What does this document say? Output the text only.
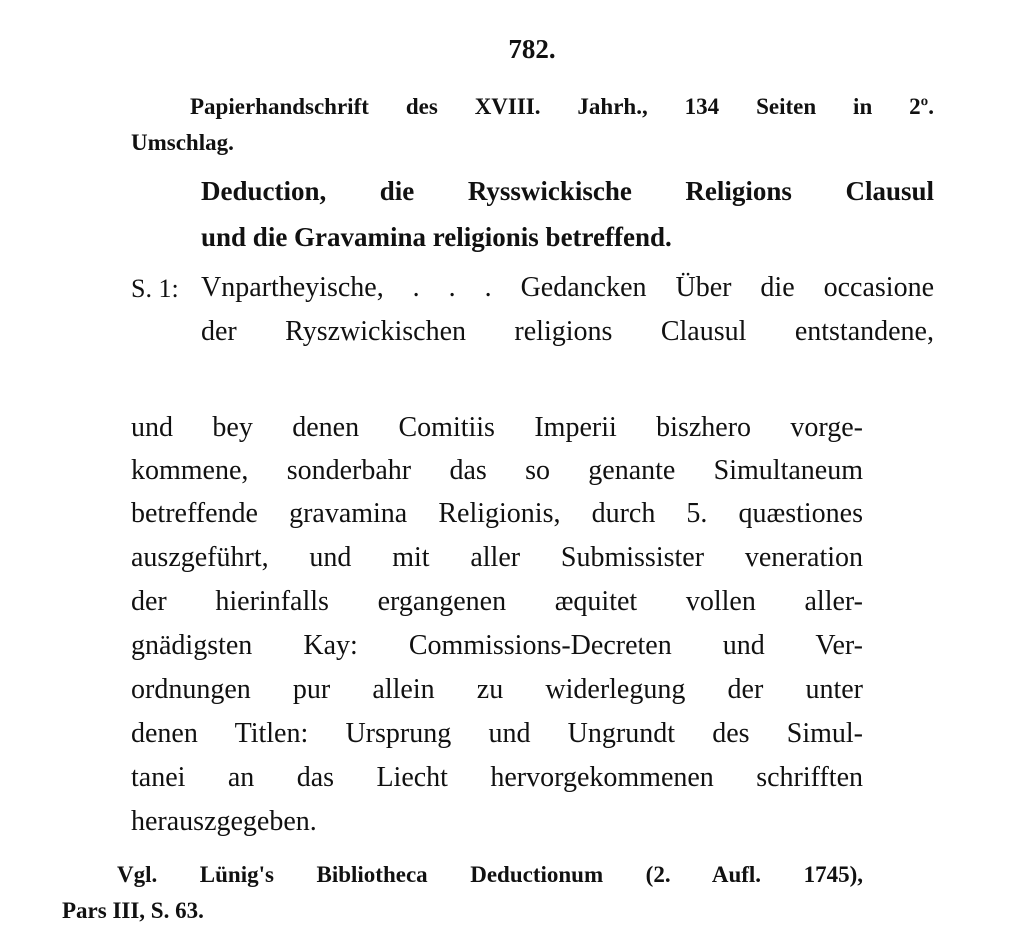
782.
Papierhandschrift des XVIII. Jahrh., 134 Seiten in 2º.
Umschlag.
Deduction, die Rysswickische Religions Clausul
und die Gravamina religionis betreffend.
S. 1: Vnpartheyische, . . . Gedancken Über die occasione
der Ryszwickischen religions Clausul entstandene,
und bey denen Comitiis Imperii biszhero vorge-
kommene, sonderbahr das so genante Simultaneum
betreffende gravamina Religionis, durch 5. quæstiones
auszgeführt, und mit aller Submissister veneration
der hierinfalls ergangenen æquitet vollen aller-
gnädigsten Kay: Commissions-Decreten und Ver-
ordnungen pur allein zu widerlegung der unter
denen Titlen: Ursprung und Ungrundt des Simul-
tanei an das Liecht hervorgekommenen schrifften
herauszgegeben.
Vgl. Lünig's Bibliotheca Deductionum (2. Aufl. 1745),
Pars III, S. 63.
